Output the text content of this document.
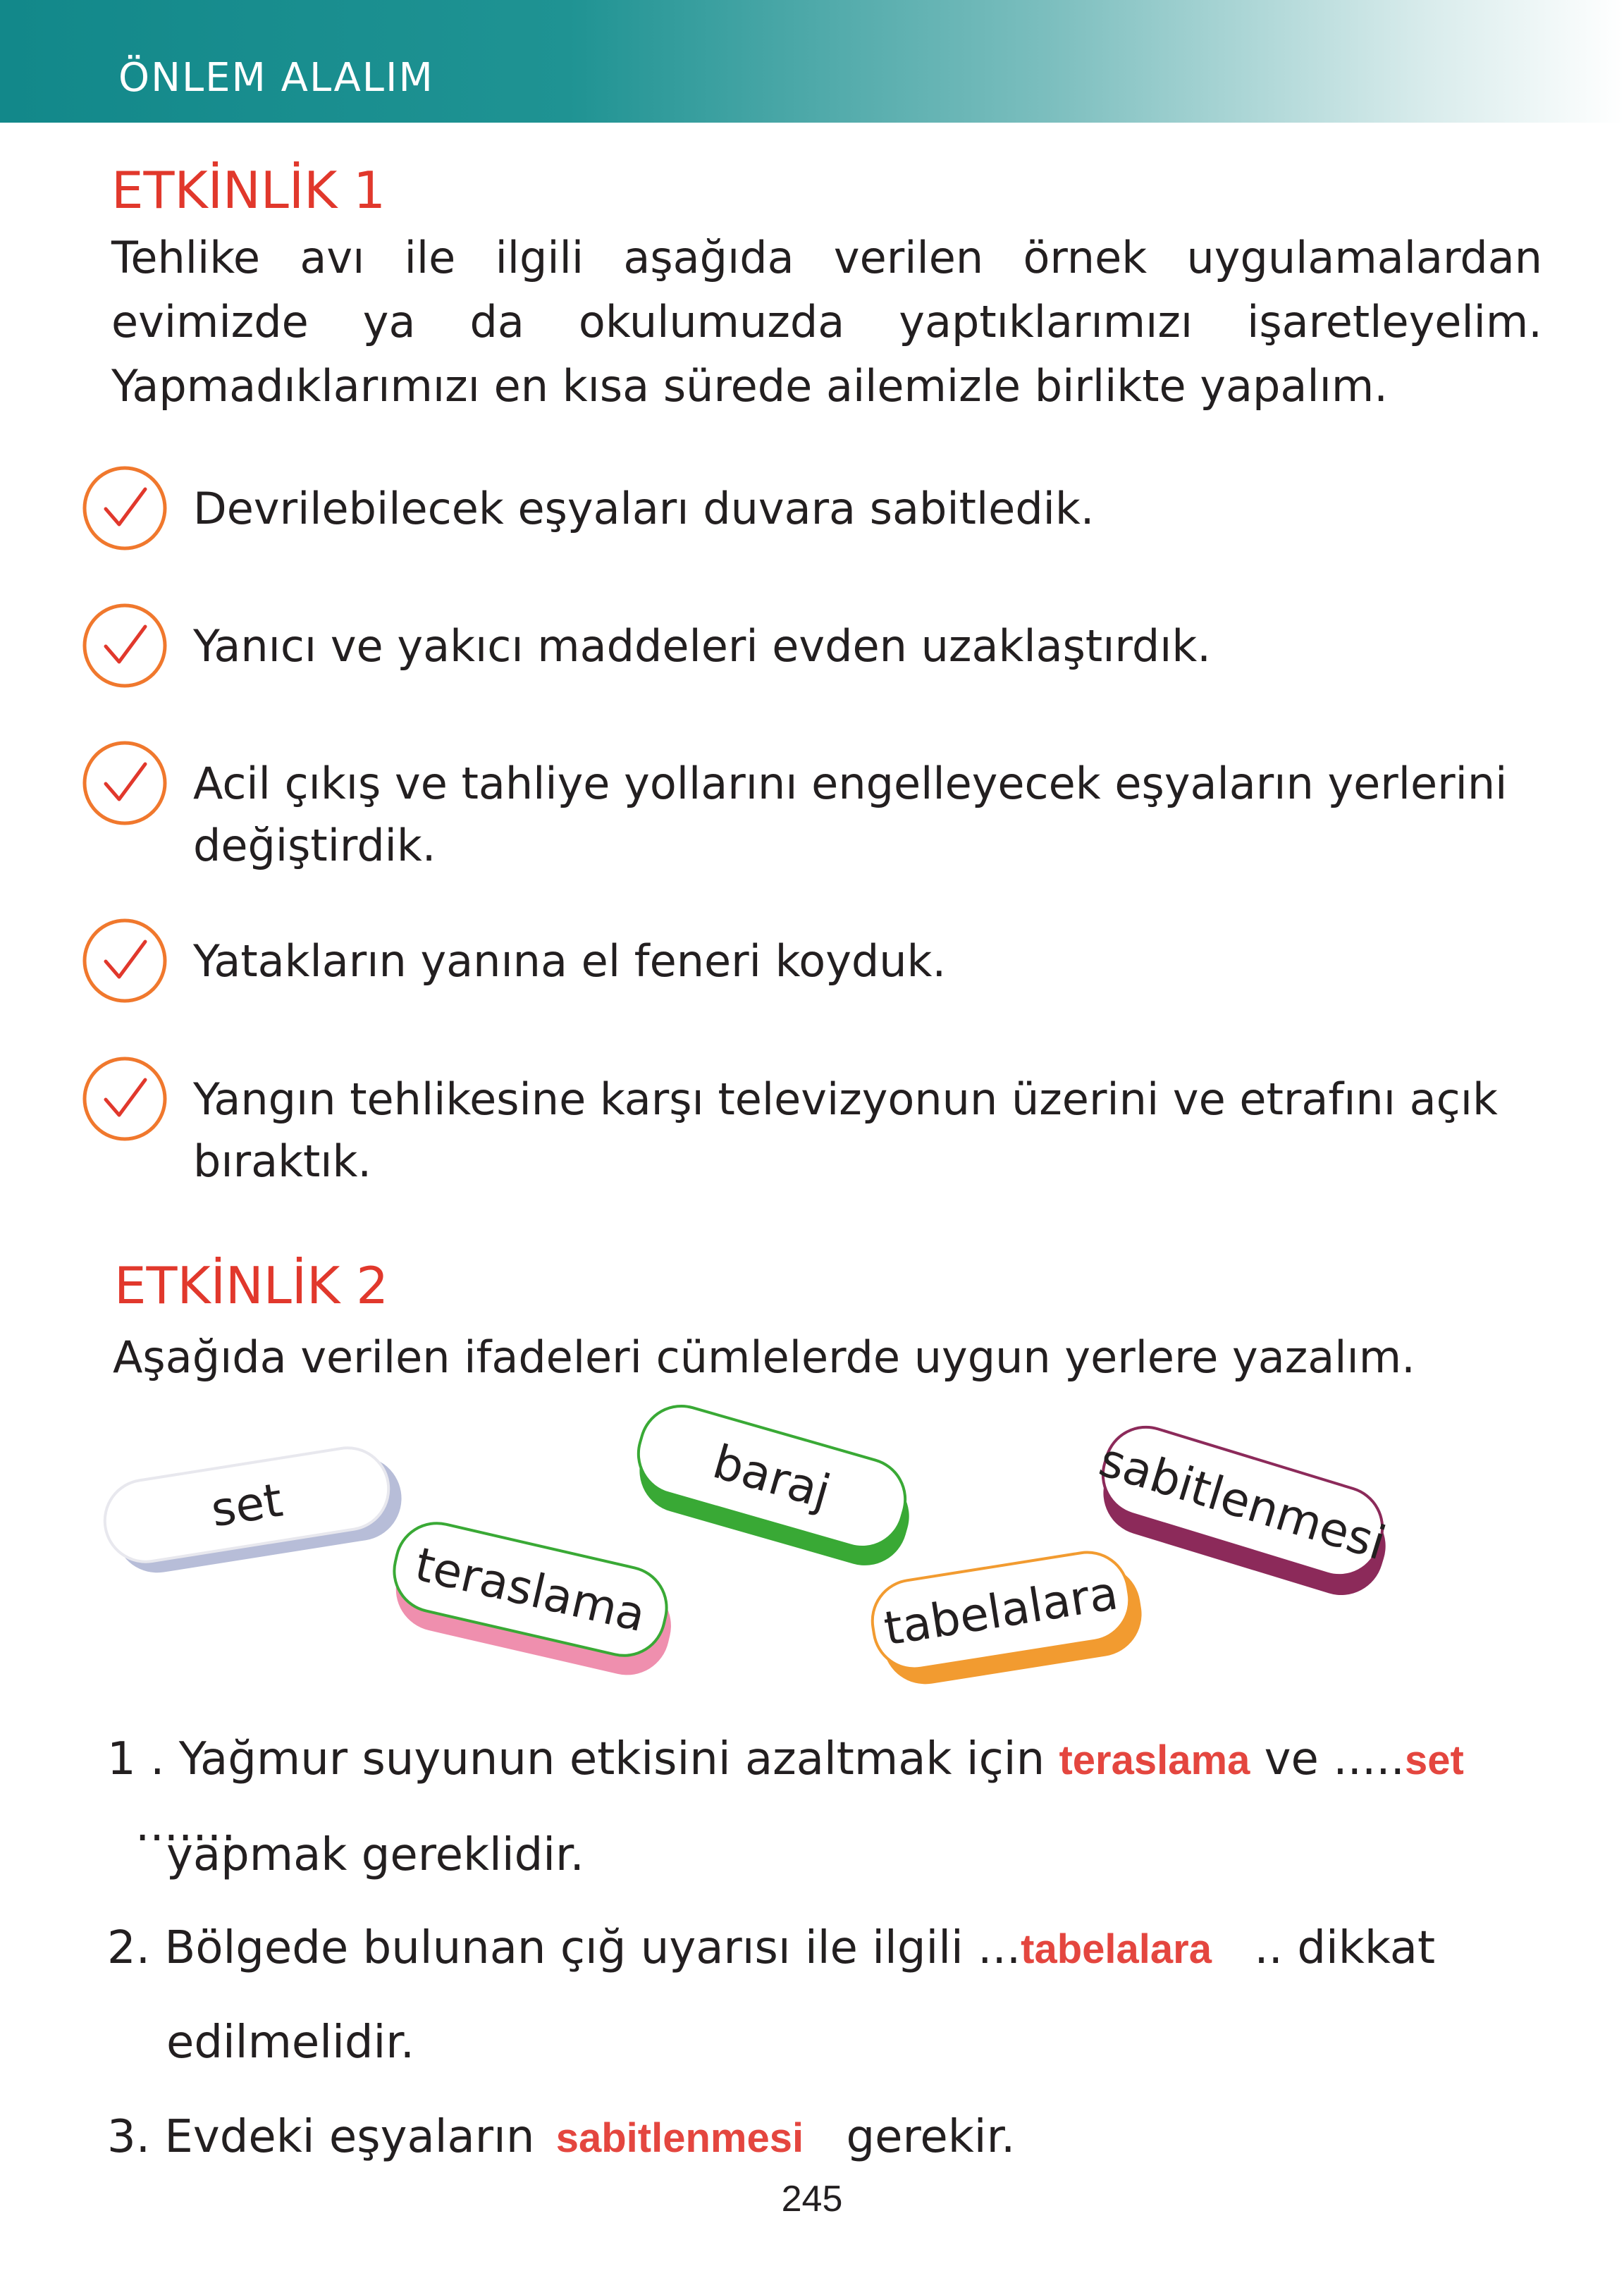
ÖNLEM ALALIM
ETKİNLİK 1
Tehlike avı ile ilgili aşağıda verilen örnek uygulamalardan evimizde ya da okulumuzda yaptıklarımızı işaretleyelim. Yapmadıklarımızı en kısa sürede ailemizle birlikte yapalım.
Devrilebilecek eşyaları duvara sabitledik.
Yanıcı ve yakıcı maddeleri evden uzaklaştırdık.
Acil çıkış ve tahliye yollarını engelleyecek eşyaların yerlerini değiştirdik.
Yatakların yanına el feneri koyduk.
Yangın tehlikesine karşı televizyonun üzerini ve etrafını açık bıraktık.
ETKİNLİK 2
Aşağıda verilen ifadeleri cümlelerde uygun yerlere yazalım.
set	baraj	sabitlenmesi
teraslama	tabelalara
1 . Yağmur suyunun etkisini azaltmak için teraslama ve .....set .......
yapmak gereklidir.
2. Bölgede bulunan çığ uyarısı ile ilgili ...tabelalara .. dikkat
edilmelidir.
3. Evdeki eşyaların sabitlenmesi gerekir.
245
